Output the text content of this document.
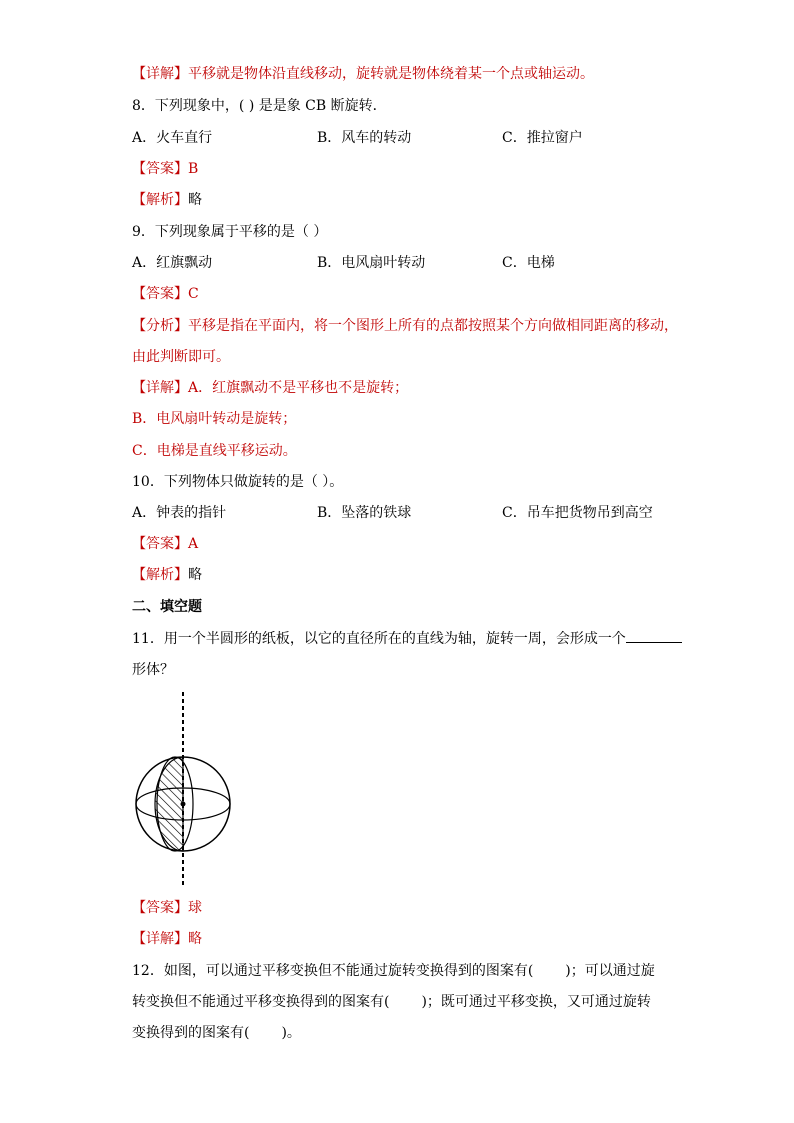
【详解】平移就是物体沿直线移动，旋转就是物体绕着某一个点或轴运动。
8．下列现象中，( ) 是是象 CB 断旋转．
A．火车直行	B．风车的转动	C．推拉窗户
【答案】B
【解析】略
9．下列现象属于平移的是（ ）
A．红旗飘动	B．电风扇叶转动	C．电梯
【答案】C
【分析】平移是指在平面内，将一个图形上所有的点都按照某个方向做相同距离的移动，
由此判断即可。
【详解】A．红旗飘动不是平移也不是旋转；
B．电风扇叶转动是旋转；
C．电梯是直线平移运动。
10．下列物体只做旋转的是（ ）。
A．钟表的指针	B．坠落的铁球	C．吊车把货物吊到高空
【答案】A
【解析】略
二、填空题
11．用一个半圆形的纸板，以它的直径所在的直线为轴，旋转一周，会形成一个
形体？
【答案】球
【详解】略
12．如图，可以通过平移变换但不能通过旋转变换得到的图案有( )；可以通过旋
转变换但不能通过平移变换得到的图案有( )；既可通过平移变换，又可通过旋转
变换得到的图案有( )。
